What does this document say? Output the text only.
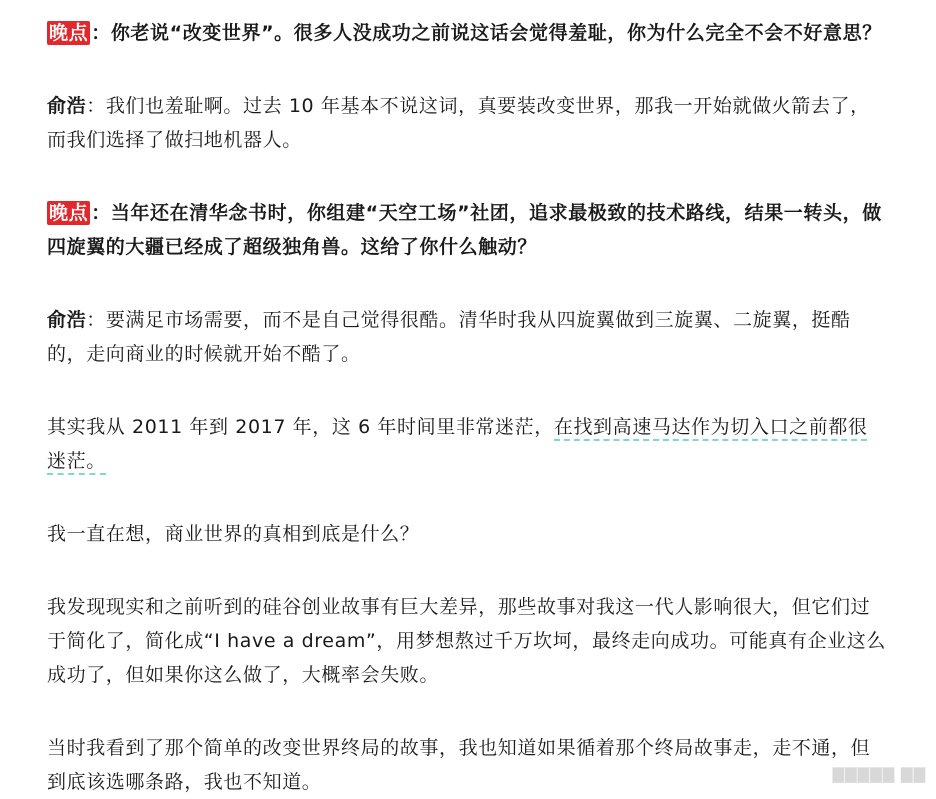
晚点 ：你老说“改变世界”。很多人没成功之前说这话会觉得羞耻，你为什么完全不会不好意思？

俞浩：我们也羞耻啊。过去 10 年基本不说这词，真要装改变世界，那我一开始就做火箭去了，而我们选择了做扫地机器人。

晚点 ：当年还在清华念书时，你组建“天空工场”社团，追求最极致的技术路线，结果一转头，做四旋翼的大疆已经成了超级独角兽。这给了你什么触动？

俞浩：要满足市场需要，而不是自己觉得很酷。清华时我从四旋翼做到三旋翼、二旋翼，挺酷的，走向商业的时候就开始不酷了。

其实我从 2011 年到 2017 年，这 6 年时间里非常迷茫，在找到高速马达作为切入口之前都很迷茫。

我一直在想，商业世界的真相到底是什么？

我发现现实和之前听到的硅谷创业故事有巨大差异，那些故事对我这一代人影响很大，但它们过于简化了，简化成“I have a dream”，用梦想熬过千万坎坷，最终走向成功。可能真有企业这么成功了，但如果你这么做了，大概率会失败。

当时我看到了那个简单的改变世界终局的故事，我也知道如果循着那个终局故事走，走不通，但到底该选哪条路，我也不知道。	▇▇▇▇▇ ▇▇
